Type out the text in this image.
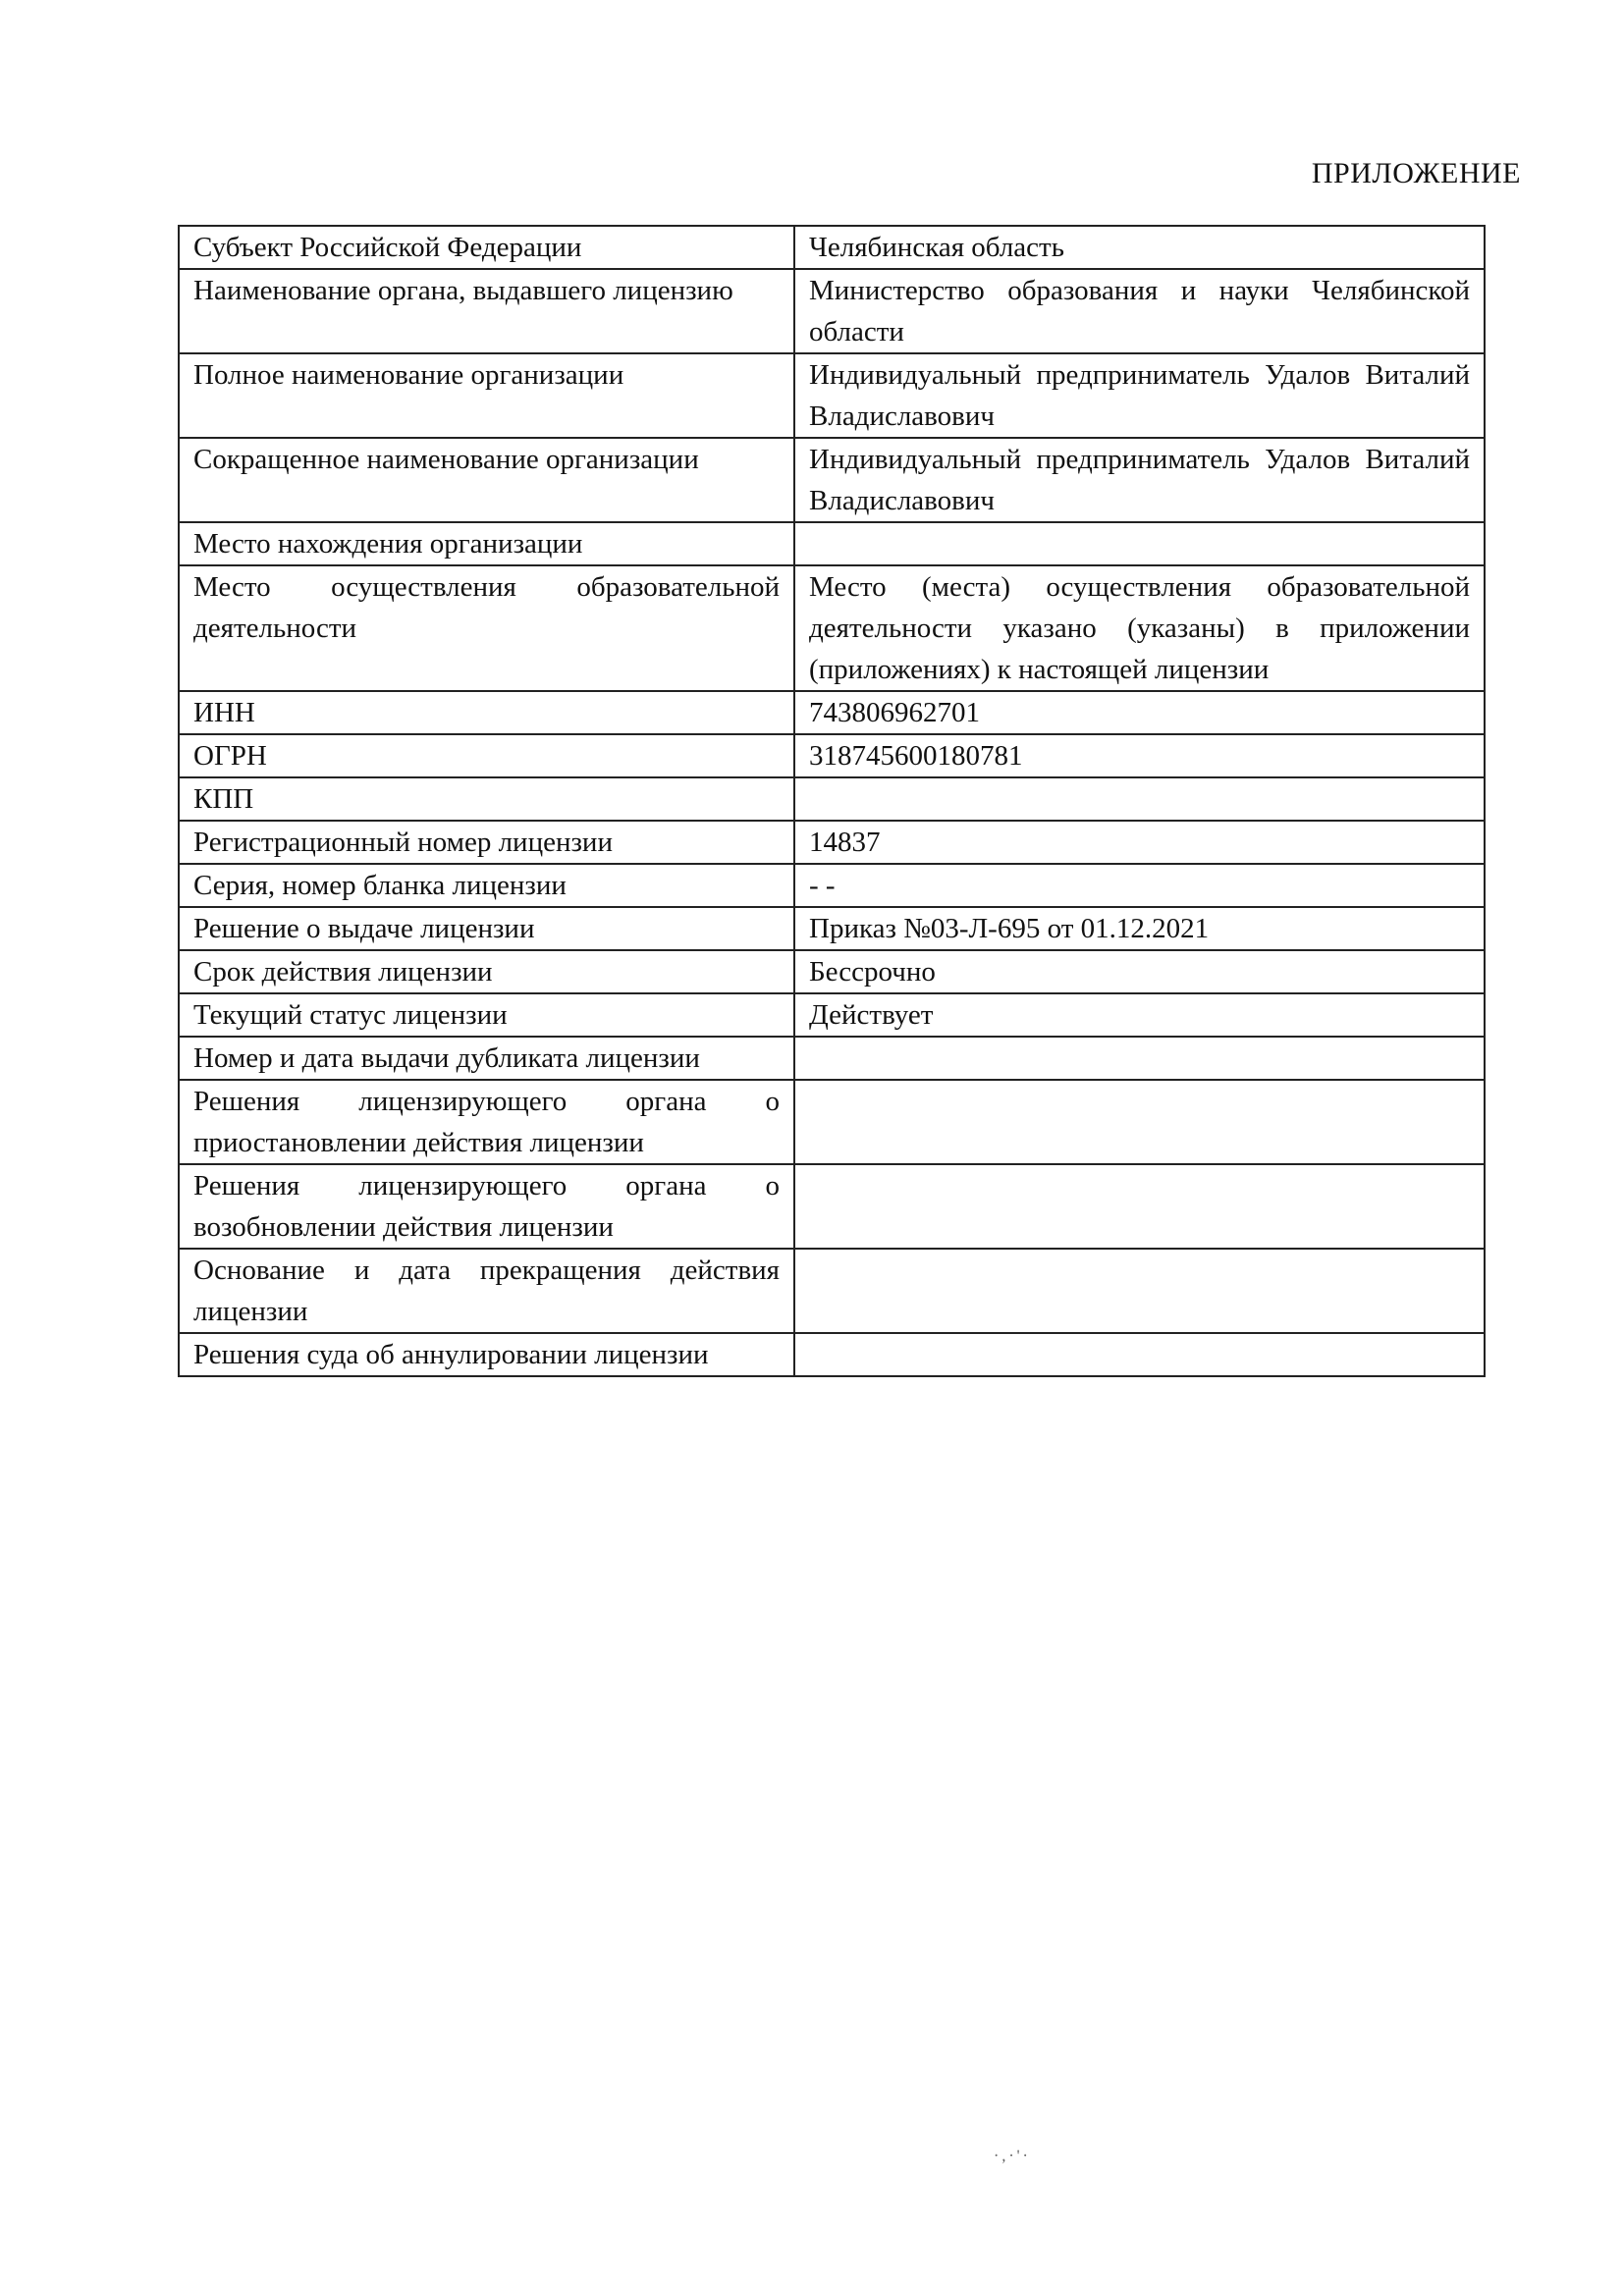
ПРИЛОЖЕНИЕ
Субъект Российской Федерации	Челябинская область
Наименование органа, выдавшего лицензию	Министерство образования и науки Челябинской области
Полное наименование организации	Индивидуальный предприниматель Удалов Виталий Владиславович
Сокращенное наименование организации	Индивидуальный предприниматель Удалов Виталий Владиславович
Место нахождения организации	
Место осуществления образовательной деятельности	Место (места) осуществления образовательной деятельности указано (указаны) в приложении (приложениях) к настоящей лицензии
ИНН	743806962701
ОГРН	318745600180781
КПП	
Регистрационный номер лицензии	14837
Серия, номер бланка лицензии	- -
Решение о выдаче лицензии	Приказ №03-Л-695 от 01.12.2021
Срок действия лицензии	Бессрочно
Текущий статус лицензии	Действует
Номер и дата выдачи дубликата лицензии	
Решения лицензирующего органа о приостановлении действия лицензии	
Решения лицензирующего органа о возобновлении действия лицензии	
Основание и дата прекращения действия лицензии	
Решения суда об аннулировании лицензии	
·,·'·
